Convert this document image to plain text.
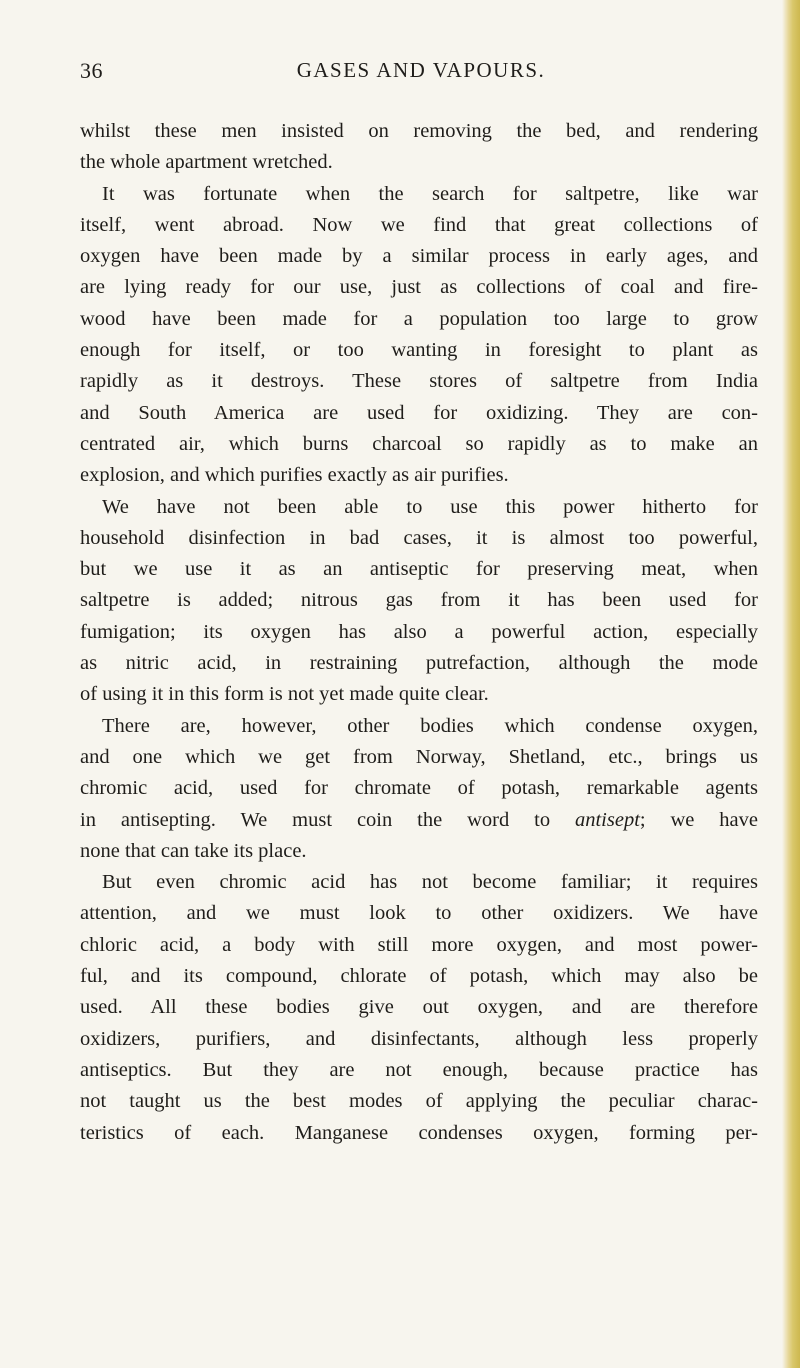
36	GASES AND VAPOURS.
whilst these men insisted on removing the bed, and rendering
the whole apartment wretched.
It was fortunate when the search for saltpetre, like war
itself, went abroad. Now we find that great collections of
oxygen have been made by a similar process in early ages, and
are lying ready for our use, just as collections of coal and fire-
wood have been made for a population too large to grow
enough for itself, or too wanting in foresight to plant as
rapidly as it destroys. These stores of saltpetre from India
and South America are used for oxidizing. They are con-
centrated air, which burns charcoal so rapidly as to make an
explosion, and which purifies exactly as air purifies.
We have not been able to use this power hitherto for
household disinfection in bad cases, it is almost too powerful,
but we use it as an antiseptic for preserving meat, when
saltpetre is added; nitrous gas from it has been used for
fumigation; its oxygen has also a powerful action, especially
as nitric acid, in restraining putrefaction, although the mode
of using it in this form is not yet made quite clear.
There are, however, other bodies which condense oxygen,
and one which we get from Norway, Shetland, etc., brings us
chromic acid, used for chromate of potash, remarkable agents
in antisepting. We must coin the word to antisept; we have
none that can take its place.
But even chromic acid has not become familiar; it requires
attention, and we must look to other oxidizers. We have
chloric acid, a body with still more oxygen, and most power-
ful, and its compound, chlorate of potash, which may also be
used. All these bodies give out oxygen, and are therefore
oxidizers, purifiers, and disinfectants, although less properly
antiseptics. But they are not enough, because practice has
not taught us the best modes of applying the peculiar charac-
teristics of each. Manganese condenses oxygen, forming per-
